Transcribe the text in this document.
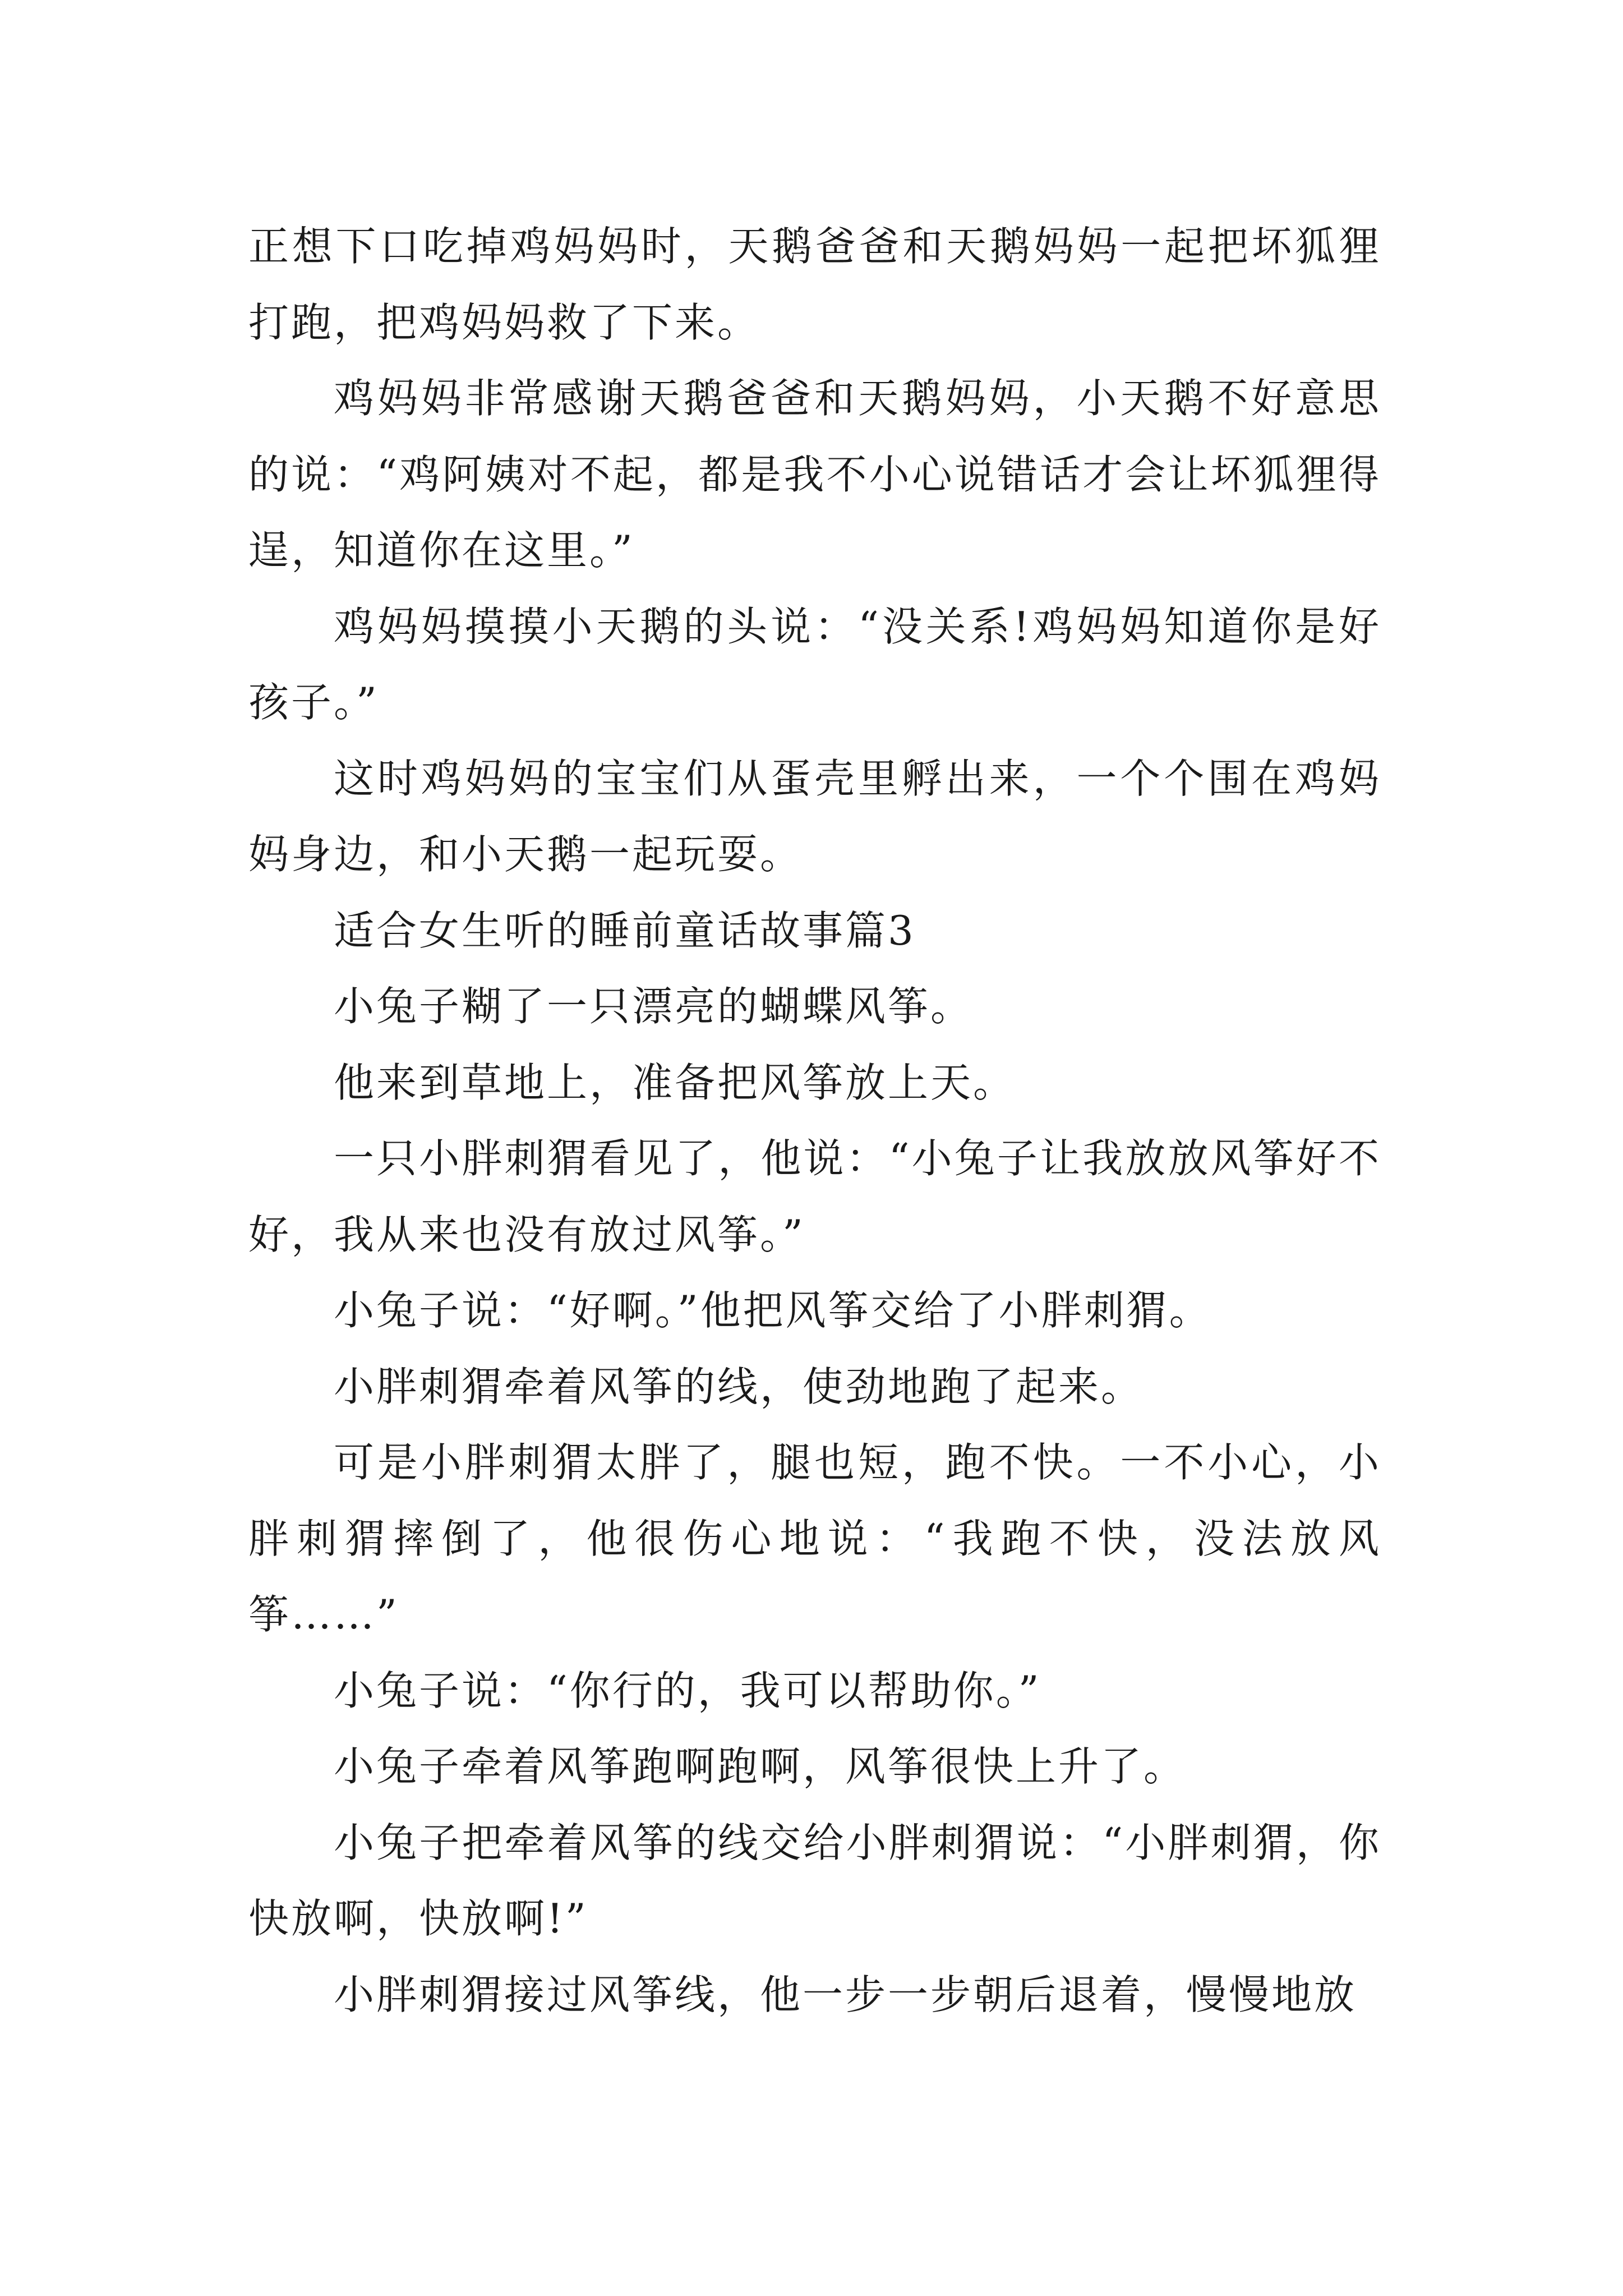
正想下口吃掉鸡妈妈时，天鹅爸爸和天鹅妈妈一起把坏狐狸打跑，把鸡妈妈救了下来。

鸡妈妈非常感谢天鹅爸爸和天鹅妈妈，小天鹅不好意思的说：“鸡阿姨对不起，都是我不小心说错话才会让坏狐狸得逞，知道你在这里。”

鸡妈妈摸摸小天鹅的头说：“没关系!鸡妈妈知道你是好孩子。”

这时鸡妈妈的宝宝们从蛋壳里孵出来，一个个围在鸡妈妈身边，和小天鹅一起玩耍。

适合女生听的睡前童话故事篇3

小兔子糊了一只漂亮的蝴蝶风筝。

他来到草地上，准备把风筝放上天。

一只小胖刺猬看见了，他说：“小兔子让我放放风筝好不好，我从来也没有放过风筝。”

小兔子说：“好啊。”他把风筝交给了小胖刺猬。

小胖刺猬牵着风筝的线，使劲地跑了起来。

可是小胖刺猬太胖了，腿也短，跑不快。一不小心，小胖刺猬摔倒了，他很伤心地说：“我跑不快，没法放风筝……”

小兔子说：“你行的，我可以帮助你。”

小兔子牵着风筝跑啊跑啊，风筝很快上升了。

小兔子把牵着风筝的线交给小胖刺猬说：“小胖刺猬，你快放啊，快放啊!”

小胖刺猬接过风筝线，他一步一步朝后退着，慢慢地放
